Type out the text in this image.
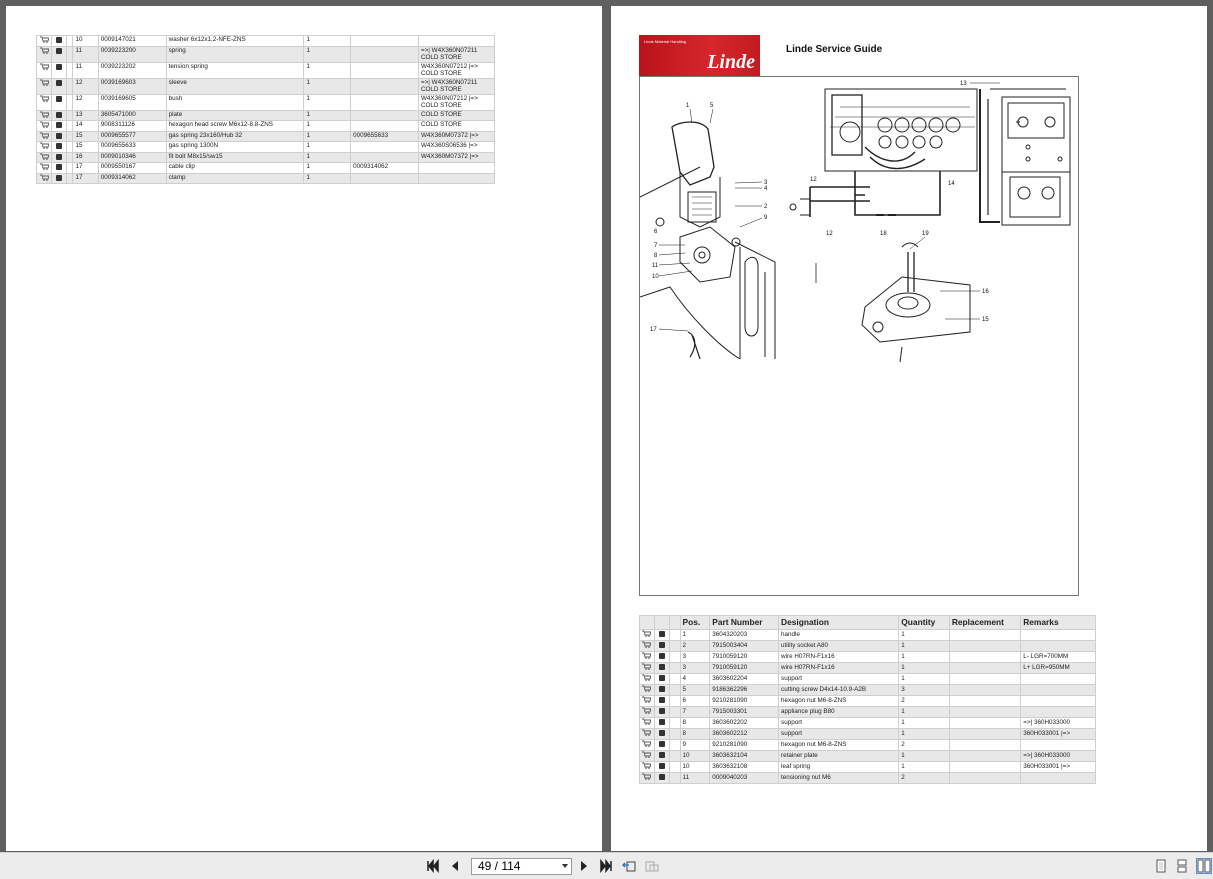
			10	0009147021	washer 6x12x1,2-NFE-ZNS	1		
			11	0039223200	spring	1		=>| W4X360N07211 COLD STORE
			11	0039223202	tension spring	1		W4X360N07212 |=> COLD STORE
			12	0039169603	sleeve	1		=>| W4X360N07211 COLD STORE
			12	0039169605	bush	1		W4X360N07212 |=> COLD STORE
			13	3605471000	plate	1		COLD STORE
			14	9008311126	hexagon head screw M6x12-8.8-ZNS	1		COLD STORE
			15	0009655577	gas spring 23x160/Hub 32	1	0009655633	W4X360M07372 |=>
			15	0009655633	gas spring 1300N	1		W4X360S06536 |=>
			16	0009010346	fit bolt M8x15/sw15	1		W4X360M07372 |=>
			17	0009550167	cable clip	1	0009314062	
			17	0009314062	clamp	1		
Linde Material Handling
Linde
Linde Service Guide
1	5
3
4
2
9
6
7
8
11
10
17
13
12
14
12	18	19
16
15
			Pos.	Part Number	Designation	Quantity	Replacement	Remarks
			1	3604320203	handle	1		
			2	7915003404	utility socket A80	1		
			3	7910059120	wire H07RN-F1x16	1		L- LGR=700MM
			3	7910059120	wire H07RN-F1x16	1		L+ LGR=950MM
			4	3603602204	support	1		
			5	9186362296	cutting screw D4x14-10.9-A2B	3		
			6	9210281090	hexagon nut M6-8-ZNS	2		
			7	7915003301	appliance plug B80	1		
			8	3603602202	support	1		=>| 360H033000
			8	3603602212	support	1		360H033001 |=>
			9	9210281090	hexagon nut M6-8-ZNS	2		
			10	3603632104	retainer plate	1		=>| 360H033000
			10	3603632108	leaf spring	1		360H033001 |=>
			11	0009040203	tensioning nut M6	2		
49 / 114
